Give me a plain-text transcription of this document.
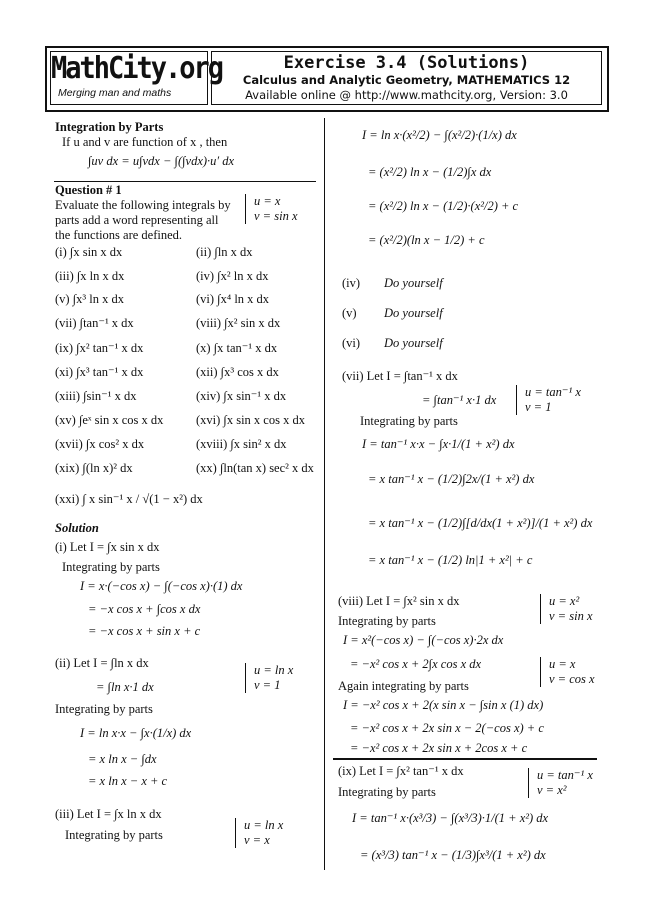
MathCity.org
Merging man and maths
Exercise 3.4 (Solutions)
Calculus and Analytic Geometry, MATHEMATICS 12
Available online @ http://www.mathcity.org, Version: 3.0
Integration by Parts
If u and v are function of x , then
∫uv dx = u∫vdx − ∫(∫vdx)·u′ dx
Question # 1
Evaluate the following integrals by
parts add a word representing all
the functions are defined.
u = x
v = sin x
(i) ∫x sin x dx	(ii) ∫ln x dx
(iii) ∫x ln x dx	(iv) ∫x² ln x dx
(v) ∫x³ ln x dx	(vi) ∫x⁴ ln x dx
(vii) ∫tan⁻¹ x dx	(viii) ∫x² sin x dx
(ix) ∫x² tan⁻¹ x dx	(x) ∫x tan⁻¹ x dx
(xi) ∫x³ tan⁻¹ x dx	(xii) ∫x³ cos x dx
(xiii) ∫sin⁻¹ x dx	(xiv) ∫x sin⁻¹ x dx
(xv) ∫eˣ sin x cos x dx	(xvi) ∫x sin x cos x dx
(xvii) ∫x cos² x dx	(xviii) ∫x sin² x dx
(xix) ∫(ln x)² dx	(xx) ∫ln(tan x) sec² x dx
(xxi) ∫ x sin⁻¹ x / √(1 − x²) dx
Solution
(i) Let I = ∫x sin x dx
Integrating by parts
I = x·(−cos x) − ∫(−cos x)·(1) dx
= −x cos x + ∫cos x dx
= −x cos x + sin x + c
(ii) Let I = ∫ln x dx
= ∫ln x·1 dx
u = ln x
v = 1
Integrating by parts
I = ln x·x − ∫x·(1/x) dx
= x ln x − ∫dx
= x ln x − x + c
(iii) Let I = ∫x ln x dx
Integrating by parts
u = ln x
v = x
I = ln x·(x²/2) − ∫(x²/2)·(1/x) dx
= (x²/2) ln x − (1/2)∫x dx
= (x²/2) ln x − (1/2)·(x²/2) + c
= (x²/2)(ln x − 1/2) + c
(iv) Do yourself
(v) Do yourself
(vi) Do yourself
(vii) Let I = ∫tan⁻¹ x dx
= ∫tan⁻¹ x·1 dx
u = tan⁻¹ x
v = 1
Integrating by parts
I = tan⁻¹ x·x − ∫x·1/(1 + x²) dx
= x tan⁻¹ x − (1/2)∫2x/(1 + x²) dx
= x tan⁻¹ x − (1/2)∫[d/dx(1 + x²)]/(1 + x²) dx
= x tan⁻¹ x − (1/2) ln|1 + x²| + c
(viii) Let I = ∫x² sin x dx	u = x²
v = sin x
Integrating by parts
I = x²(−cos x) − ∫(−cos x)·2x dx
= −x² cos x + 2∫x cos x dx	u = x
v = cos x
Again integrating by parts
I = −x² cos x + 2(x sin x − ∫sin x (1) dx)
= −x² cos x + 2x sin x − 2(−cos x) + c
= −x² cos x + 2x sin x + 2cos x + c
(ix) Let I = ∫x² tan⁻¹ x dx	u = tan⁻¹ x
v = x²
Integrating by parts
I = tan⁻¹ x·(x³/3) − ∫(x³/3)·1/(1 + x²) dx
= (x³/3) tan⁻¹ x − (1/3)∫x³/(1 + x²) dx
